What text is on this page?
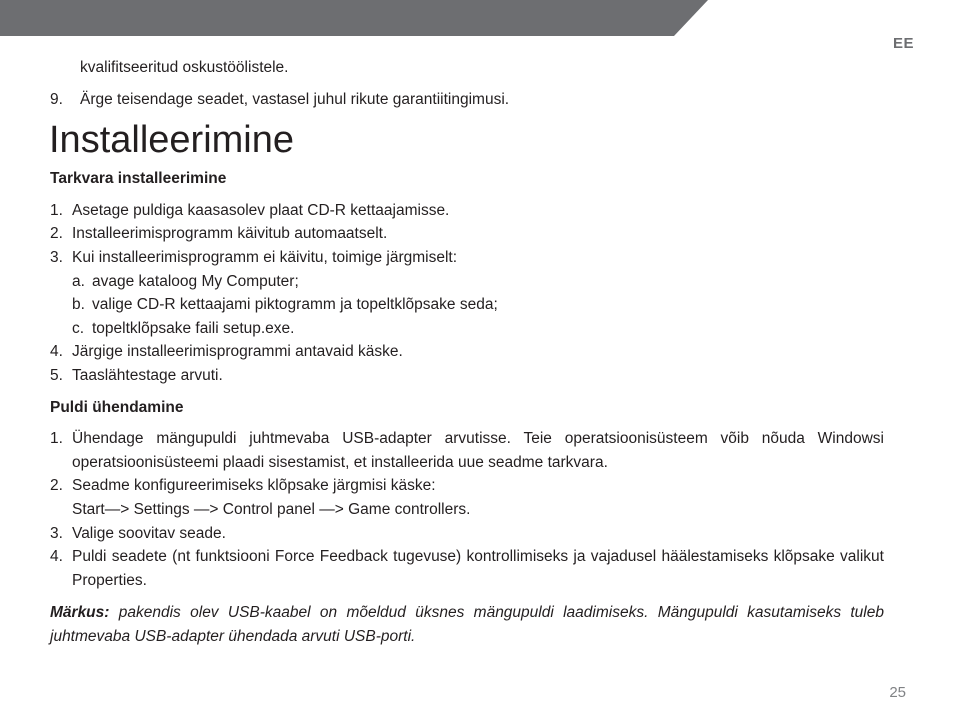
EE
kvalifitseeritud oskustöölistele.
9.	Ärge teisendage seadet, vastasel juhul rikute garantiitingimusi.
Installeerimine
Tarkvara installeerimine
1. Asetage puldiga kaasasolev plaat CD-R kettaajamisse.
2. Installeerimisprogramm käivitub automaatselt.
3. Kui installeerimisprogramm ei käivitu, toimige järgmiselt:
a. avage kataloog My Computer;
b. valige CD-R kettaajami piktogramm ja topeltklõpsake seda;
c. topeltklõpsake faili setup.exe.
4. Järgige installeerimisprogrammi antavaid käske.
5. Taaslähtestage arvuti.
Puldi ühendamine
1. Ühendage mängupuldi juhtmevaba USB-adapter arvutisse. Teie operatsioonisüsteem võib nõuda Windowsi operatsioonisüsteemi plaadi sisestamist, et installeerida uue seadme tarkvara.
2. Seadme konfigureerimiseks klõpsake järgmisi käske:
Start—> Settings —> Control panel —> Game controllers.
3. Valige soovitav seade.
4. Puldi seadete (nt funktsiooni Force Feedback tugevuse) kontrollimiseks ja vajadusel häälestamiseks klõpsake valikut Properties.
Märkus: pakendis olev USB-kaabel on mõeldud üksnes mängupuldi laadimiseks. Mängupuldi kasutamiseks tuleb juhtmevaba USB-adapter ühendada arvuti USB-porti.
25
